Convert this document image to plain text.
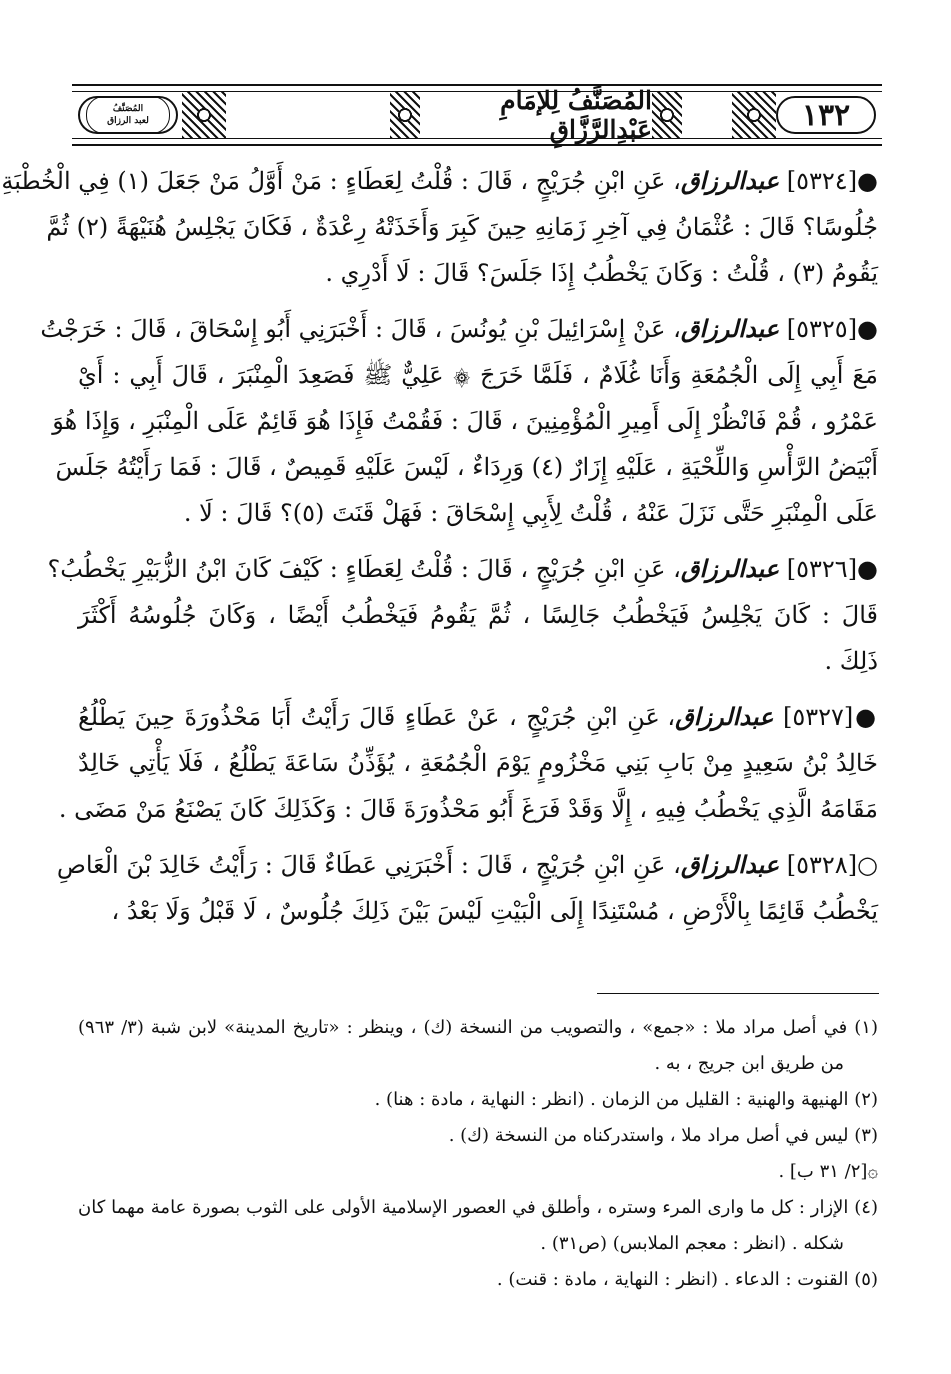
المُصَنَّفُ
لعبد الرزاق
المُصَنَّفُ لِلإمَامِ عَبْدِالرَّزَّاقِ	١٣٢
●[٥٣٢٤] عبدالرزاق، عَنِ ابْنِ جُرَيْجٍ ، قَالَ : قُلْتُ لِعَطَاءٍ : مَنْ أَوَّلُ مَنْ جَعَلَ (١) فِي الْخُطْبَةِ
جُلُوسًا؟ قَالَ : عُثْمَانُ فِي آخِرِ زَمَانِهِ حِينَ كَبِرَ وَأَخَذَتْهُ رِعْدَةٌ ، فَكَانَ يَجْلِسُ هُنَيْهَةً (٢) ثُمَّ
يَقُومُ (٣) ، قُلْتُ : وَكَانَ يَخْطُبُ إِذَا جَلَسَ؟ قَالَ : لَا أَدْرِي .
●[٥٣٢٥] عبدالرزاق، عَنْ إِسْرَائِيلَ بْنِ يُونُسَ ، قَالَ : أَخْبَرَنِي أَبُو إِسْحَاقَ ، قَالَ : خَرَجْتُ
مَعَ أَبِي إِلَى الْجُمُعَةِ وَأَنَا غُلَامٌ ، فَلَمَّا خَرَجَ ۞ عَلِيٌّ ﷺ فَصَعِدَ الْمِنْبَرَ ، قَالَ أَبِي : أَيْ
عَمْرُو ، قُمْ فَانْظُرْ إِلَى أَمِيرِ الْمُؤْمِنِينَ ، قَالَ : فَقُمْتُ فَإِذَا هُوَ قَائِمٌ عَلَى الْمِنْبَرِ ، وَإِذَا هُوَ
أَبْيَضُ الرَّأْسِ وَاللِّحْيَةِ ، عَلَيْهِ إِزَارٌ (٤) وَرِدَاءٌ ، لَيْسَ عَلَيْهِ قَمِيصٌ ، قَالَ : فَمَا رَأَيْتُهُ جَلَسَ
عَلَى الْمِنْبَرِ حَتَّى نَزَلَ عَنْهُ ، قُلْتُ لِأَبِي إِسْحَاقَ : فَهَلْ قَنَتَ (٥)؟ قَالَ : لَا .
●[٥٣٢٦] عبدالرزاق، عَنِ ابْنِ جُرَيْجٍ ، قَالَ : قُلْتُ لِعَطَاءٍ : كَيْفَ كَانَ ابْنُ الزُّبَيْرِ يَخْطُبُ؟
قَالَ : كَانَ يَجْلِسُ فَيَخْطُبُ جَالِسًا ، ثُمَّ يَقُومُ فَيَخْطُبُ أَيْضًا ، وَكَانَ جُلُوسُهُ أَكْثَرَ
ذَلِكَ .
●[٥٣٢٧] عبدالرزاق، عَنِ ابْنِ جُرَيْجٍ ، عَنْ عَطَاءٍ قَالَ رَأَيْتُ أَبَا مَحْذُورَةَ حِينَ يَطْلُعُ
خَالِدُ بْنُ سَعِيدٍ مِنْ بَابِ بَنِي مَخْزُومٍ يَوْمَ الْجُمُعَةِ ، يُؤَذِّنُ سَاعَةَ يَطْلُعُ ، فَلَا يَأْتِي خَالِدٌ
مَقَامَهُ الَّذِي يَخْطُبُ فِيهِ ، إِلَّا وَقَدْ فَرَغَ أَبُو مَحْذُورَةَ قَالَ : وَكَذَلِكَ كَانَ يَصْنَعُ مَنْ مَضَى .
○[٥٣٢٨] عبدالرزاق، عَنِ ابْنِ جُرَيْجٍ ، قَالَ : أَخْبَرَنِي عَطَاءٌ قَالَ : رَأَيْتُ خَالِدَ بْنَ الْعَاصِ
يَخْطُبُ قَائِمًا بِالْأَرْضِ ، مُسْتَنِدًا إِلَى الْبَيْتِ لَيْسَ بَيْنَ ذَلِكَ جُلُوسٌ ، لَا قَبْلُ وَلَا بَعْدُ ،
(١) في أصل مراد ملا : «جمع» ، والتصويب من النسخة (ك) ، وينظر : «تاريخ المدينة» لابن شبة (٣/ ٩٦٣)
من طريق ابن جريج ، به .
(٢) الهنيهة والهنية : القليل من الزمان . (انظر : النهاية ، مادة : هنا) .
(٣) ليس في أصل مراد ملا ، واستدركناه من النسخة (ك) .
۞[٢/ ٣١ ب] .
(٤) الإزار : كل ما وارى المرء وستره ، وأطلق في العصور الإسلامية الأولى على الثوب بصورة عامة مهما كان
شكله . (انظر : معجم الملابس) (ص٣١) .
(٥) القنوت : الدعاء . (انظر : النهاية ، مادة : قنت) .
